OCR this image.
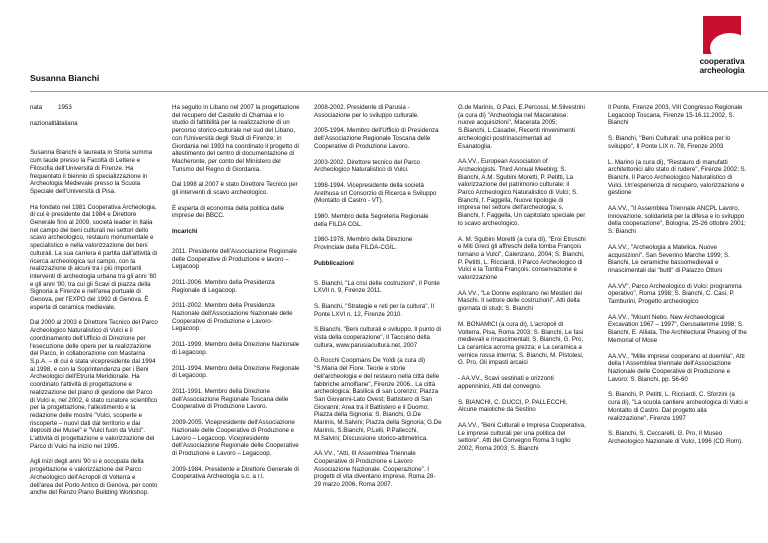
cooperativa archeologia
Susanna Bianchi
nata	1953
nazionalità
italiana

Susanna Bianchi è laureata in Storia summa cum laude presso la Facoltà di Lettere e Filosofia dell'Università di Firenze. Ha frequentato il biennio di specializzazione in Archeologia Medievale presso la Scuola Speciale dell'Università di Pisa.

Ha fondato nel 1981 Cooperativa Archeologia, di cui è presidente dal 1984 e Direttore Generale fino al 2009, società leader in Italia nel campo dei beni culturali nei settori dello scavo archeologico, restauro monumentale e specialistico e nella valorizzazione dei beni culturali. La sua carriera è partita dall'attività di ricerca archeologica sul campo, con la realizzazione di alcuni tra i più importanti interventi di archeologia urbana tra gli anni '80 e gli anni '90, tra cui gli Scavi di piazza della Signoria a Firenze e nell'area portuale di Genova, per l'EXPO del 1992 di Genova. È esperta di ceramica medievale.

Dal 2000 al 2003 è Direttore Tecnico del Parco Archeologico Naturalistico di Vulci e il coordinamento dell'Ufficio di Direzione per l'esecuzione delle opere per la realizzazione del Parco, in collaborazione con Mastarna S.p.A. – di cui è stata vicepresidente dal 1994 al 1998, e con la Soprintendenza per i Beni Archeologici dell'Etruria Meridionale. Ha coordinato l'attività di progettazione e realizzazione del piano di gestione del Parco di Vulci e, nel 2002, è stato curatore scientifico per la progettazione, l'allestimento e la redazione delle mostre "Vulci, scoperte e riscoperte – nuovi dati dal territorio e dai depositi dei Musei" e "Vulci fuori da Vulci". L'attività di progettazione e valorizzazione del Parco di Vulci ha inizio nel 1995.

Agli inizi degli anni '90 si è occupata della progettazione e valorizzazione del Parco Archeologico dell'Acropoli di Volterra e dell'area del Porto Antico di Genova, per conto anche del Renzo Piano Building Workshop.

Ha seguito in Libano nel 2007 la progettazione del recupero del Castello di Chamaa e lo studio di fattibilità per la realizzazione di un percorso storico-culturale nel sud del Libano, con l'Università degli Studi di Firenze; in Giordania nel 1993 ha coordinato il progetto di allestimento del centro di documentazione di Macheronte, per conto del Ministero del Turismo del Regno di Giordania.

Dal 1998 al 2007 è stato Direttore Tecnico per gli interventi di scavo archeologico.

È esperta di economia della politica delle imprese dei BBCC.

Incarichi

2011. Presidente dell'Associazione Regionale delle Cooperative di Produzione e lavoro – Legacoop

2011-2006. Membro della Presidenza Regionale di Legacoop.

2011-2002. Membro della Presidenza Nazionale dell'Associazione Nazionale delle Cooperative di Produzione e Lavoro- Legacoop.

2011-1999. Membro della Direzione Nazionale di Legacoop.

2011-1994. Membro della Direzione Regionale di Legacoop.

2011-1991. Membro della Direzione dell'Associazione Regionale Toscana delle Cooperative di Produzione Lavoro.

2009-2005. Vicepresidente dell'Associazione Nazionale delle Cooperative di Produzione e Lavoro – Legacoop. Vicepresidente dell'Associazione Regionale delle Cooperative di Produzione e Lavoro – Legacoop.

2009-1984. Presidente e Direttore Generale di Cooperativa Archeologia s.c. a r.l.

2008-2002. Presidente di Parusia - Associazione per lo sviluppo culturale.

2005-1994. Membro dell'Ufficio di Presidenza dell'Associazione Regionale Toscana delle Cooperative di Produzione Lavoro.

2003-2002. Direttore tecnico del Parco Archeologico Naturalistico di Vulci.

1998-1994. Vicepresidente della società Arethusa srl Consorzio di Ricerca e Sviluppo (Montalto di Castro - VT).

1980. Membro della Segreteria Regionale della FILDA CGL.

1980-1978. Membro della Direzione Provinciale della FILDA-CGIL.

Pubblicazioni

S. Bianchi, "La crisi delle costruzioni", Il Ponte LXVII n. 9, Firenze 2011.

S. Bianchi, "Strategie e reti per la cultura", Il Ponte LXVI n. 12, Firenze 2010.

S.Bianchi, "Beni culturali e sviluppo. Il punto di vista della cooperazione", Il Taccuino della cultura, www.parusiacultura.net, 2007

G.Rocchi Coopmans De Yoldi (a cura di) "S.Maria del Fiore. Teorie e storie dell'archeologia e del restauro nella città delle fabbriche arnolfiane", Firenze 2006.. La città archeologica; Basilica di san Lorenzo; Piazza San Giovanni-Lato Ovest; Battistero di San Giovanni; Area tra il Battistero e il Duomo; Piazza della Signoria: S. Bianchi, G.De Marinis, M.Salvini; Piazza della Signoria; G.De Marinis, S.Bianchi, P.Lelli, P.Pallecchi, M.Salvini; Discussione storico-altimetrica.

AA.VV., "Atti, III Assemblea Triennale Cooperative di Produzione e Lavoro Associazione Nazionale. Cooperazione". I progetti di vita diventano imprese, Roma 28-29 marzo 2006, Roma 2007.

G.de Marinis, G.Paci, E.Percossi, M.Silvestrini (a cura di) "Archeologia nel Maceratese: nuove acquisizioni", Macerata 2005; S.Bianchi, L.Casadei, Recenti rinvenimenti archeologici postrinascimentali ad Esanatoglia.

AA.VV., European Association of Archeologists. Third Annual Meeting; S. Bianchi, A.M. Sgubini Moretti, P. Petitti, La valorizzazione del patrimonio culturale: il Parco Archeologico Naturalistico di Vulci; S. Bianchi, f. Faggella, Nuove tipologie di impresa nel settore dell'archeologia; s. Bianchi, f. Faggella, Un capitolato speciale per lo scavo archeologico.

A. M. Sgubini Moretti (a cura di), "Eroi Etruschi e Miti Greci gli affreschi della tomba François tornano a Vulci", Calenzano, 2004; S. Bianchi, P. Petitti, L. Ricciardi, Il Parco Archeologico di Vulci e la Tomba François: conservazione e valorizzazione

AA.VV., "Le Donne esplorano nei Mestieri dei Maschi. Il settore delle costruzioni", Atti della giornata di studi; S. Bianchi

M. BONAMICI (a cura di), L'acropoli di Volterra, Pisa, Roma 2003; S. Bianchi, Le fasi medievali e rinascimentali; S. Bianchi, G. Pro, La ceramica acroma grezza; e La ceramica a vernice rossa interna; S. Bianchi, M. Pistolesi, G. Pro, Gli impasti arcaici

- AA.VV., Scavi sestinati e orizzonti appenninici, Atti del convegno.

S. BIANCHI, C. DUCCI, P. PALLECCHI, Alcune maioliche da Sestino

AA.VV., "Beni Culturali e Impresa Cooperativa, Le imprese culturali per una politica del settore", Atti del Convegno Roma 3 luglio 2002, Roma 2003; S. Bianchi

Il Ponte, Firenze 2003, VIII Congresso Regionale Legacoop Toscana, Firenze 15-16.11.2002, S. Bianchi

S. Bianchi, "Beni Culturali: una politica per lo sviluppo", Il Ponte LIX n. 78, Firenze 2003

L. Marino (a cura di), "Restauro di manufatti architettonici allo stato di rudere", Firenze 2002; S. Bianchi, Il Parco Archeologico Naturalistico di Vulci. Un'esperienza di recupero, valorizzazione e gestione

AA.VV., "Il Assemblea Triennale ANCPL Lavoro, innovazione, solidarietà per la difesa e lo sviluppo della cooperazione", Bologna, 25-26 ottobre 2001; S. Bianchi

AA.VV., "Archeologia a Matelica. Nuove acquisizioni", San Severino Marche 1999; S. Bianchi, Le ceramiche bassomedievali e rinascimentali dai "butti" di Palazzo Ottoni

AA.VV", Parco Archeologico di Vulci: programma operativo", Roma 1998; S. Bianchi, C. Casi, P. Tamburini, Progetto archeologico

AA.VV., "Mount Nebo. New Archaeological Excavation 1967 – 1997", Gerusalemme 1998; S. Bianchi, E. Alliata, The Architectural Phasing of the Memorial of Mose

AA.VV., "Mille imprese cooperano al duemila", Atti della I Assemblea triennale dell'Associazione Nazionale delle Cooperative di Produzione e Lavoro: S. Bianchi, pp. 56-60

S. Bianchi, P. Petitti, L. Ricciardi, C. Sforzini (a cura di), "La scuola cantiere archeologica di Vulci e Montalto di Castro. Dal progetto alla realizzazione", Firenze 1997

S. Bianchi, S. Ceccarelli, G. Pro, Il Museo Archeologico Nazionale di Vulci, 1996 (CD Rom).
